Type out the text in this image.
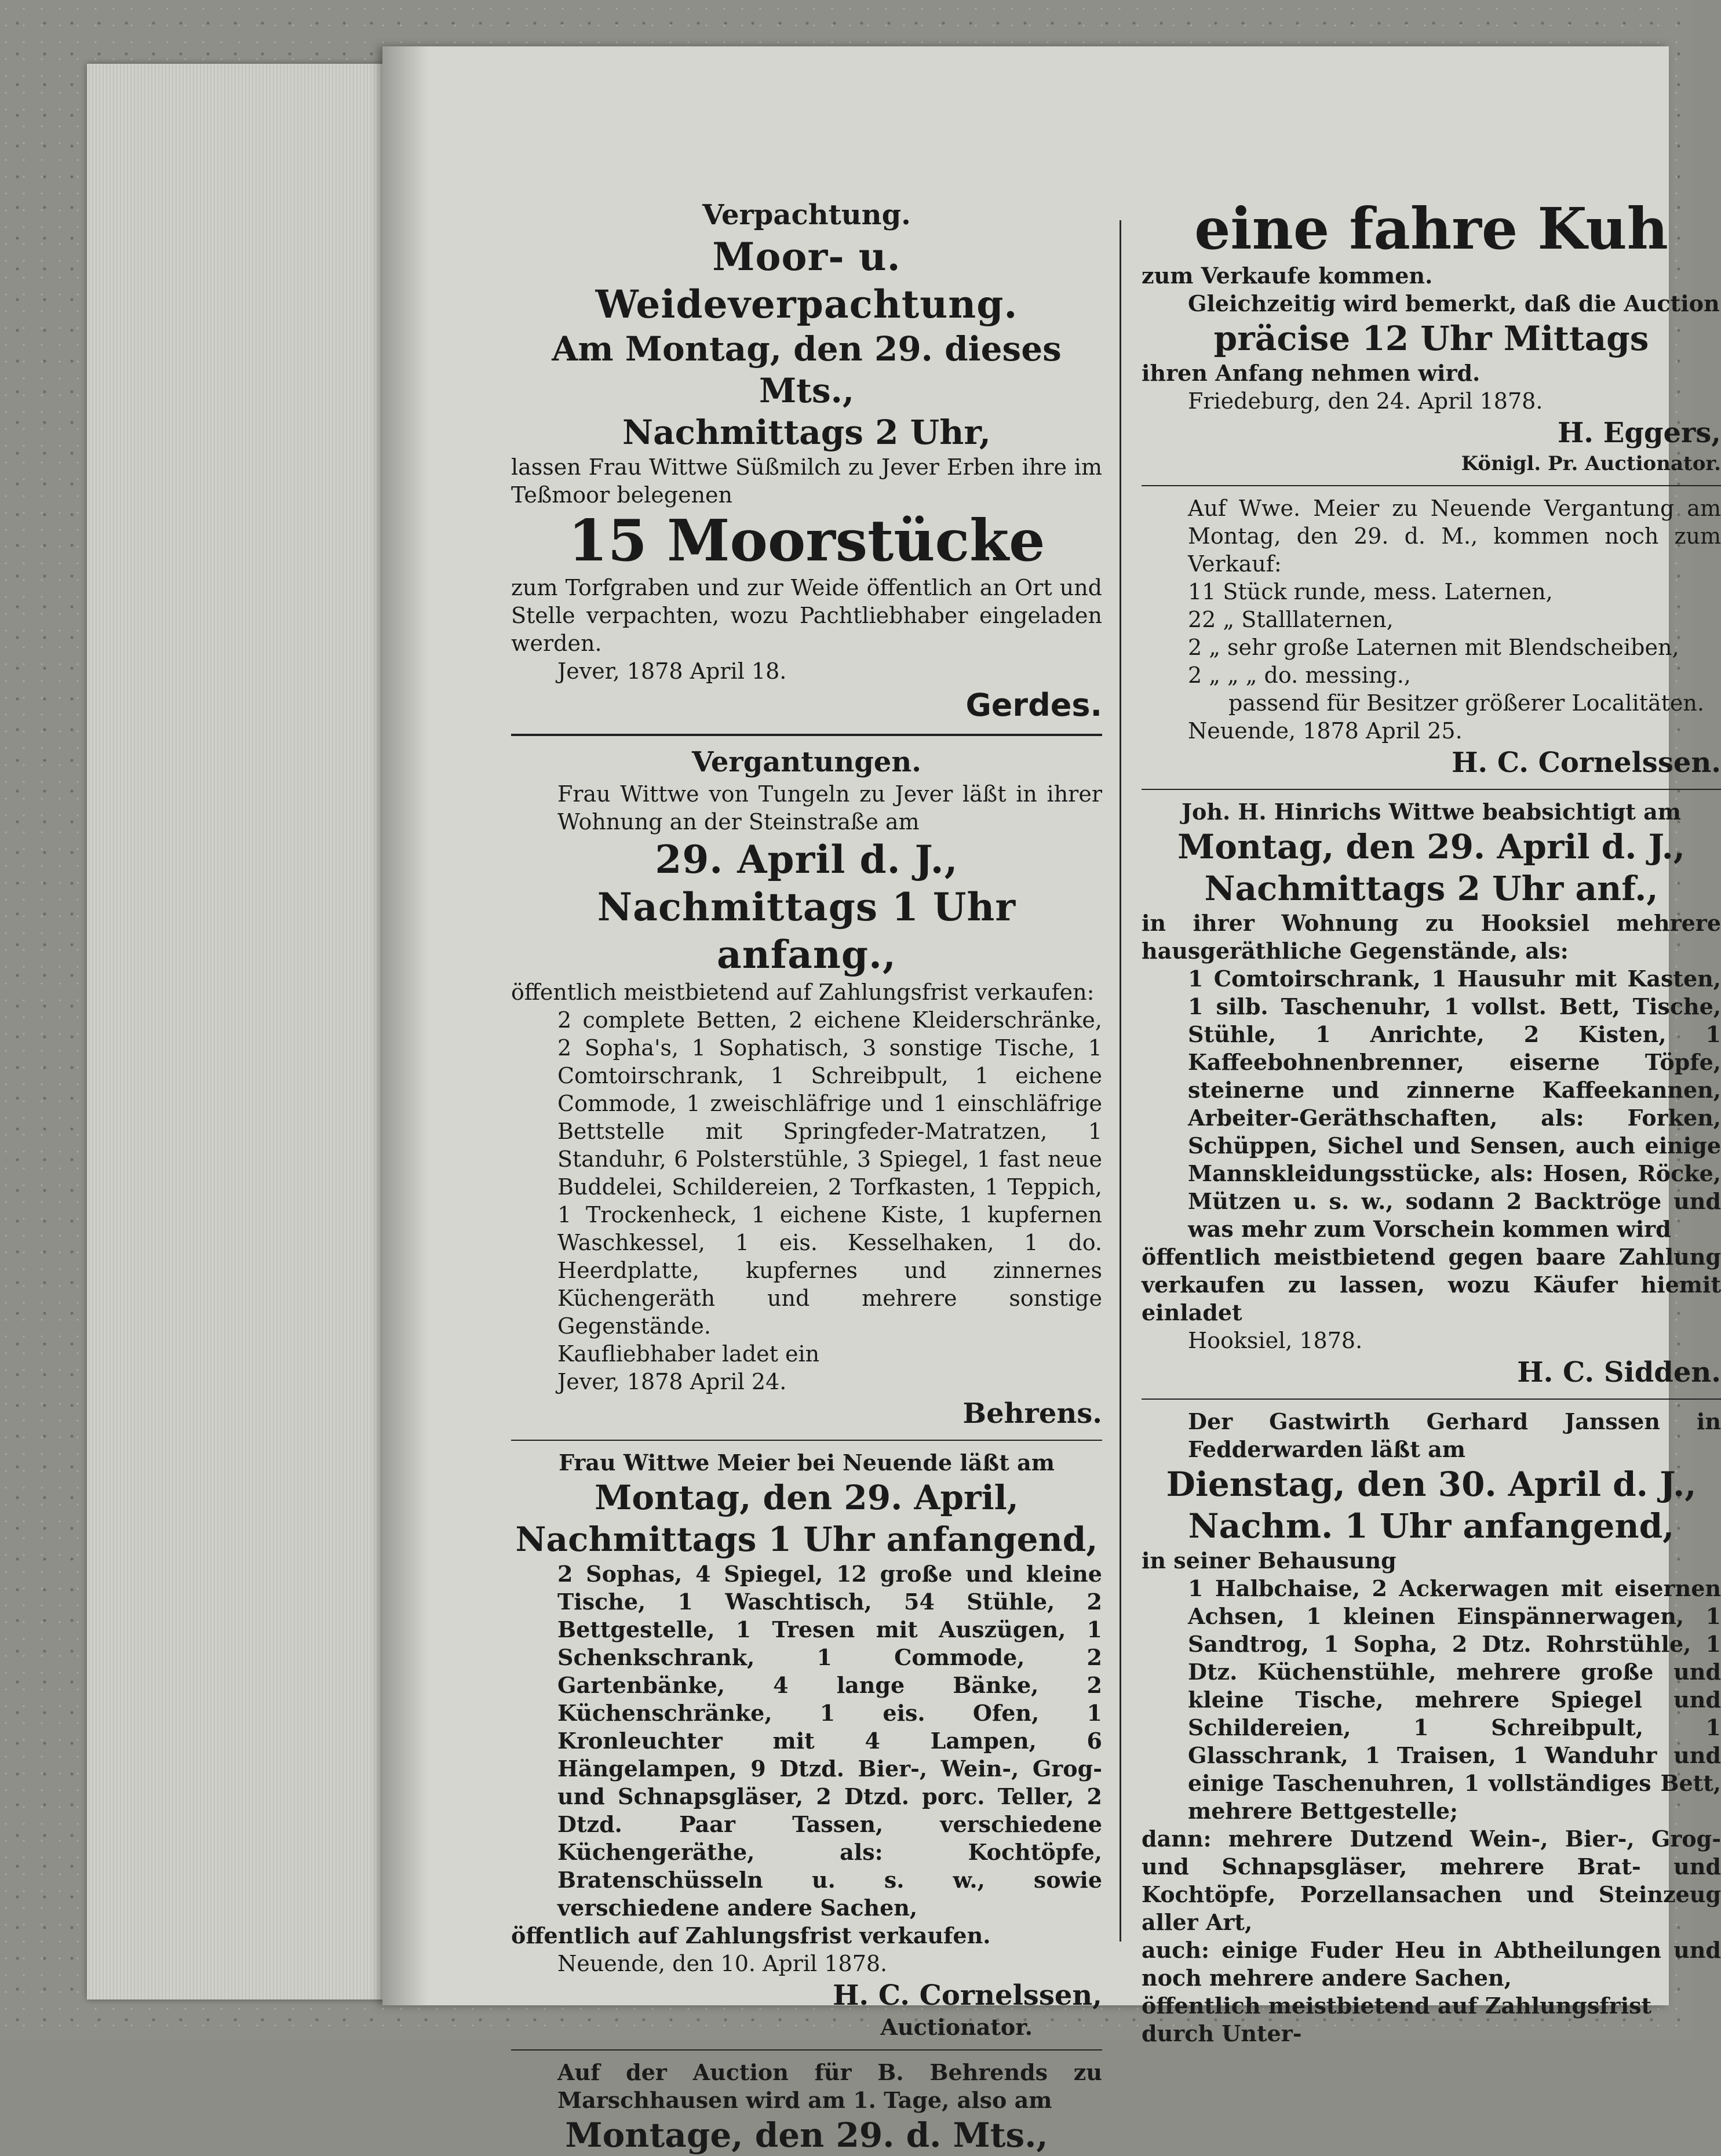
Verpachtung.

Moor- u. Weideverpachtung.

Am Montag, den 29. dieses Mts.,

Nachmittags 2 Uhr,

lassen Frau Wittwe Süßmilch zu Jever Erben ihre im Teßmoor belegenen

15 Moorstücke

zum Torfgraben und zur Weide öffentlich an Ort und Stelle verpachten, wozu Pachtliebhaber eingeladen werden.

Jever, 1878 April 18.

Gerdes.

Vergantungen.

Frau Wittwe von Tungeln zu Jever läßt in ihrer Wohnung an der Steinstraße am

29. April d. J.,

Nachmittags 1 Uhr anfang.,

öffentlich meistbietend auf Zahlungsfrist verkaufen:

2 complete Betten, 2 eichene Kleiderschränke, 2 Sopha's, 1 Sophatisch, 3 sonstige Tische, 1 Comtoirschrank, 1 Schreibpult, 1 eichene Commode, 1 zweischläfrige und 1 einschläfrige Bettstelle mit Springfeder-Matratzen, 1 Standuhr, 6 Polsterstühle, 3 Spiegel, 1 fast neue Buddelei, Schildereien, 2 Torfkasten, 1 Teppich, 1 Trockenheck, 1 eichene Kiste, 1 kupfernen Waschkessel, 1 eis. Kesselhaken, 1 do. Heerdplatte, kupfernes und zinnernes Küchengeräth und mehrere sonstige Gegenstände.

Kaufliebhaber ladet ein

Jever, 1878 April 24.

Behrens.

Frau Wittwe Meier bei Neuende läßt am

Montag, den 29. April,

Nachmittags 1 Uhr anfangend,

2 Sophas, 4 Spiegel, 12 große und kleine Tische, 1 Waschtisch, 54 Stühle, 2 Bettgestelle, 1 Tresen mit Auszügen, 1 Schenkschrank, 1 Commode, 2 Gartenbänke, 4 lange Bänke, 2 Küchenschränke, 1 eis. Ofen, 1 Kronleuchter mit 4 Lampen, 6 Hängelampen, 9 Dtzd. Bier-, Wein-, Grog- und Schnapsgläser, 2 Dtzd. porc. Teller, 2 Dtzd. Paar Tassen, verschiedene Küchengeräthe, als: Kochtöpfe, Bratenschüsseln u. s. w., sowie verschiedene andere Sachen,

öffentlich auf Zahlungsfrist verkaufen.

Neuende, den 10. April 1878.

H. C. Cornelssen,

Auctionator.

Auf der Auction für B. Behrends zu Marschhausen wird am 1. Tage, also am

Montage, den 29. d. Mts.,

eine fahre Kuh

zum Verkaufe kommen.

Gleichzeitig wird bemerkt, daß die Auction

präcise 12 Uhr Mittags

ihren Anfang nehmen wird.

Friedeburg, den 24. April 1878.

H. Eggers,

Königl. Pr. Auctionator.

Auf Wwe. Meier zu Neuende Vergantung am Montag, den 29. d. M., kommen noch zum Verkauf:

11 Stück runde, mess. Laternen,

22 „ Stalllaternen,

2 „ sehr große Laternen mit Blendscheiben,

2 „ „ „ do. messing.,

passend für Besitzer größerer Localitäten.

Neuende, 1878 April 25.

H. C. Cornelssen.

Joh. H. Hinrichs Wittwe beabsichtigt am

Montag, den 29. April d. J.,

Nachmittags 2 Uhr anf.,

in ihrer Wohnung zu Hooksiel mehrere hausgeräthliche Gegenstände, als:

1 Comtoirschrank, 1 Hausuhr mit Kasten, 1 silb. Taschenuhr, 1 vollst. Bett, Tische, Stühle, 1 Anrichte, 2 Kisten, 1 Kaffeebohnenbrenner, eiserne Töpfe, steinerne und zinnerne Kaffeekannen, Arbeiter-Geräthschaften, als: Forken, Schüppen, Sichel und Sensen, auch einige Mannskleidungsstücke, als: Hosen, Röcke, Mützen u. s. w., sodann 2 Backtröge und was mehr zum Vorschein kommen wird

öffentlich meistbietend gegen baare Zahlung verkaufen zu lassen, wozu Käufer hiemit einladet

Hooksiel, 1878.

H. C. Sidden.

Der Gastwirth Gerhard Janssen in Fedderwarden läßt am

Dienstag, den 30. April d. J.,

Nachm. 1 Uhr anfangend,

in seiner Behausung

1 Halbchaise, 2 Ackerwagen mit eisernen Achsen, 1 kleinen Einspännerwagen, 1 Sandtrog, 1 Sopha, 2 Dtz. Rohrstühle, 1 Dtz. Küchenstühle, mehrere große und kleine Tische, mehrere Spiegel und Schildereien, 1 Schreibpult, 1 Glasschrank, 1 Traisen, 1 Wanduhr und einige Taschenuhren, 1 vollständiges Bett, mehrere Bettgestelle;

dann: mehrere Dutzend Wein-, Bier-, Grog- und Schnapsgläser, mehrere Brat- und Kochtöpfe, Porzellansachen und Steinzeug aller Art,

auch: einige Fuder Heu in Abtheilungen und noch mehrere andere Sachen,

öffentlich meistbietend auf Zahlungsfrist durch Unter-
